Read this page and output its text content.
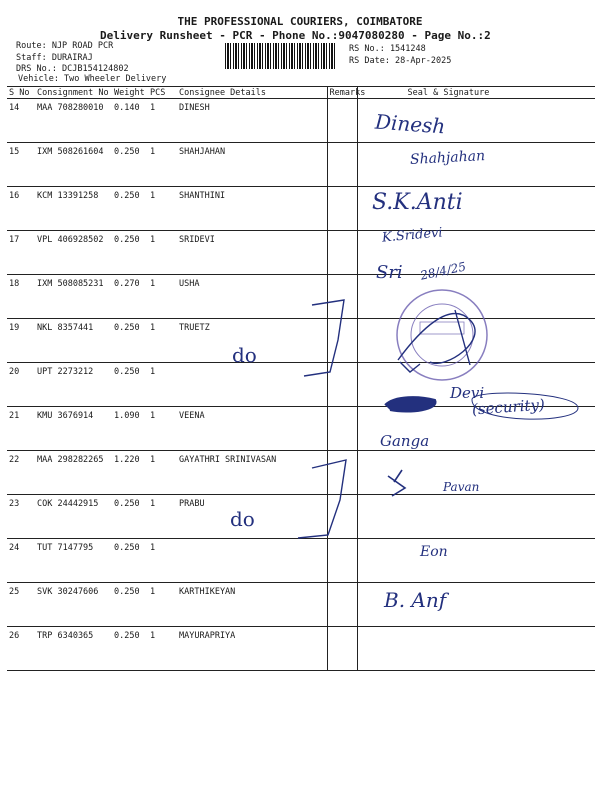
THE PROFESSIONAL COURIERS, COIMBATORE
Delivery Runsheet - PCR - Phone No.:9047080280 - Page No.:2
Route: NJP ROAD PCR
Staff: DURAIRAJ
DRS No.: DCJB154124802
Vehicle: Two Wheeler Delivery
RS No.: 1541248
RS Date: 28-Apr-2025
S No	Consignment No	Weight	PCS	Consignee Details	Remarks	Seal & Signature
14	MAA 708280010	0.140	1	DINESH		
15	IXM 508261604	0.250	1	SHAHJAHAN		
16	KCM 13391258	0.250	1	SHANTHINI		
17	VPL 406928502	0.250	1	SRIDEVI		
18	IXM 508085231	0.270	1	USHA		
19	NKL 8357441	0.250	1	TRUETZ		
20	UPT 2273212	0.250	1			
21	KMU 3676914	1.090	1	VEENA		
22	MAA 298282265	1.220	1	GAYATHRI SRINIVASAN		
23	COK 24442915	0.250	1	PRABU		
24	TUT 7147795	0.250	1			
25	SVK 30247606	0.250	1	KARTHIKEYAN		
26	TRP 6340365	0.250	1	MAYURAPRIYA		
Dinesh
Shahjahan
S.K.Anti
K.Sridevi
Sri 28/4/25
do
Devi
(security)
Ganga
Pavan
do
Eon
B. Anf
